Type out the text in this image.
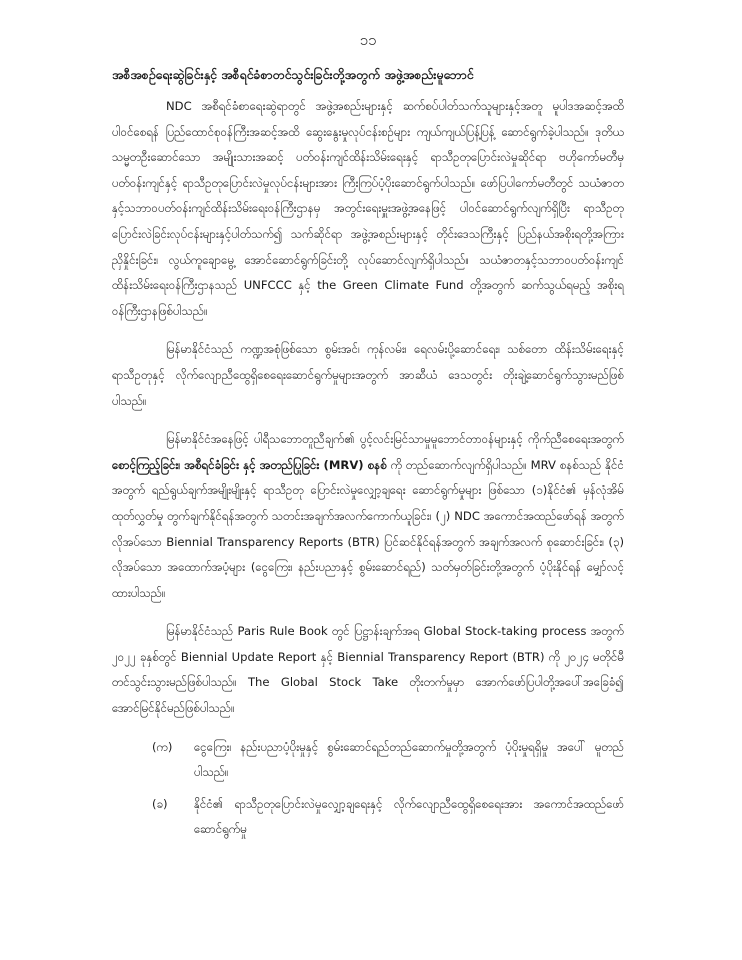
၁၁
အစီအစဉ်ရေးဆွဲခြင်းနှင့် အစီရင်ခံစာတင်သွင်းခြင်းတို့အတွက် အဖွဲ့အစည်းမူဘောင်

NDC အစီရင်ခံစာရေးဆွဲရာတွင် အဖွဲ့အစည်းများနှင့် ဆက်စပ်ပါတ်သက်သူများနှင့်အတူ မူပါဒအဆင့်အထိ ပါဝင်စေရန် ပြည်ထောင်စုဝန်ကြီးအဆင့်အထိ ဆွေးနွေးမှုလုပ်ငန်းစဉ်များ ကျယ်ကျယ်ပြန့်ပြန့် ဆောင်ရွက်ခဲ့ပါသည်။ ဒုတိယသမ္မတဦးဆောင်သော အမျိုးသားအဆင့် ပတ်ဝန်းကျင်ထိန်းသိမ်းရေးနှင့် ရာသီဥတုပြောင်းလဲမှုဆိုင်ရာ ဗဟိုကော်မတီမှ ပတ်ဝန်းကျင်နှင့် ရာသီဥတုပြောင်းလဲမှုလုပ်ငန်းများအား ကြီးကြပ်ပံ့ပိုးဆောင်ရွက်ပါသည်။ ဖော်ပြပါကော်မတီတွင် သယံဇာတနှင့်သဘာဝပတ်ဝန်းကျင်ထိန်းသိမ်းရေးဝန်ကြီးဌာနမှ အတွင်းရေးမှူးအဖွဲ့အနေဖြင့် ပါဝင်ဆောင်ရွက်လျက်ရှိပြီး ရာသီဥတုပြောင်းလဲခြင်းလုပ်ငန်းများနှင့်ပါတ်သက်၍ သက်ဆိုင်ရာ အဖွဲ့အစည်းများနှင့် တိုင်းဒေသကြီးနှင့် ပြည်နယ်အစိုးရတို့အကြား ညှိနှိုင်းခြင်း၊ လွယ်ကူချောမွေ့ အောင်ဆောင်ရွက်ခြင်းတို့ လုပ်ဆောင်လျက်ရှိပါသည်။ သယံဇာတနှင့်သဘာဝပတ်ဝန်းကျင် ထိန်းသိမ်းရေးဝန်ကြီးဌာနသည် UNFCCC နှင့် the Green Climate Fund တို့အတွက် ဆက်သွယ်ရမည့် အစိုးရဝန်ကြီးဌာနဖြစ်ပါသည်။

မြန်မာနိုင်ငံသည် ကဏ္ဍအစုံဖြစ်သော စွမ်းအင်၊ ကုန်လမ်း၊ ရေလမ်းပို့ဆောင်ရေး၊ သစ်တော ထိန်းသိမ်းရေးနှင့် ရာသီဥတုနှင့် လိုက်လျောညီထွေရှိစေရေးဆောင်ရွက်မှုများအတွက် အာဆီယံ ဒေသတွင်း တိုးချဲ့ဆောင်ရွက်သွားမည်ဖြစ်ပါသည်။

မြန်မာနိုင်ငံအနေဖြင့် ပါရီသဘောတူညီချက်၏ ပွင့်လင်းမြင်သာမှုမူဘောင်တာဝန်များနှင့် ကိုက်ညီစေရေးအတွက် စောင့်ကြည့်ခြင်း၊ အစီရင်ခံခြင်း နှင့် အတည်ပြုခြင်း (MRV) စနစ် ကို တည်ဆောက်လျက်ရှိပါသည်။ MRV စနစ်သည် နိုင်ငံအတွက် ရည်ရွယ်ချက်အမျိုးမျိုးနှင့် ရာသီဥတု ပြောင်းလဲမှုလျှော့ချရေး ဆောင်ရွက်မှုများ ဖြစ်သော (၁)နိုင်ငံ၏ မှန်လုံအိမ်ထုတ်လွှတ်မှု တွက်ချက်နိုင်ရန်အတွက် သတင်းအချက်အလက်ကောက်ယူခြင်း၊ (၂) NDC အကောင်အထည်ဖော်ရန် အတွက် လိုအပ်သော Biennial Transparency Reports (BTR) ပြင်ဆင်နိုင်ရန်အတွက် အချက်အလက် စုဆောင်းခြင်း၊ (၃) လိုအပ်သော အထောက်အပံ့များ (ငွေကြေး၊ နည်းပညာနှင့် စွမ်းဆောင်ရည်) သတ်မှတ်ခြင်းတို့အတွက် ပံ့ပိုးနိုင်ရန် မျှော်လင့်ထားပါသည်။

မြန်မာနိုင်ငံသည် Paris Rule Book တွင် ပြဋ္ဌာန်းချက်အရ Global Stock-taking process အတွက် ၂၀၂၂ ခုနှစ်တွင် Biennial Update Report နှင့် Biennial Transparency Report (BTR) ကို ၂၀၂၄ မတိုင်မီ တင်သွင်းသွားမည်ဖြစ်ပါသည်။ The Global Stock Take တိုးတက်မှုမှာ အောက်ဖော်ပြပါတို့အပေါ်အခြေခံ၍ အောင်မြင်နိုင်မည်ဖြစ်ပါသည်။

(က)	ငွေကြေး၊ နည်းပညာပံ့ပိုးမှုနှင့် စွမ်းဆောင်ရည်တည်ဆောက်မှုတို့အတွက် ပံ့ပိုးမှုရရှိမှု အပေါ် မူတည်ပါသည်။
(ခ)	နိုင်ငံ၏ ရာသီဥတုပြောင်းလဲမှုလျှော့ချရေးနှင့် လိုက်လျောညီထွေရှိစေရေးအား အကောင်အထည်ဖော်ဆောင်ရွက်မှု
